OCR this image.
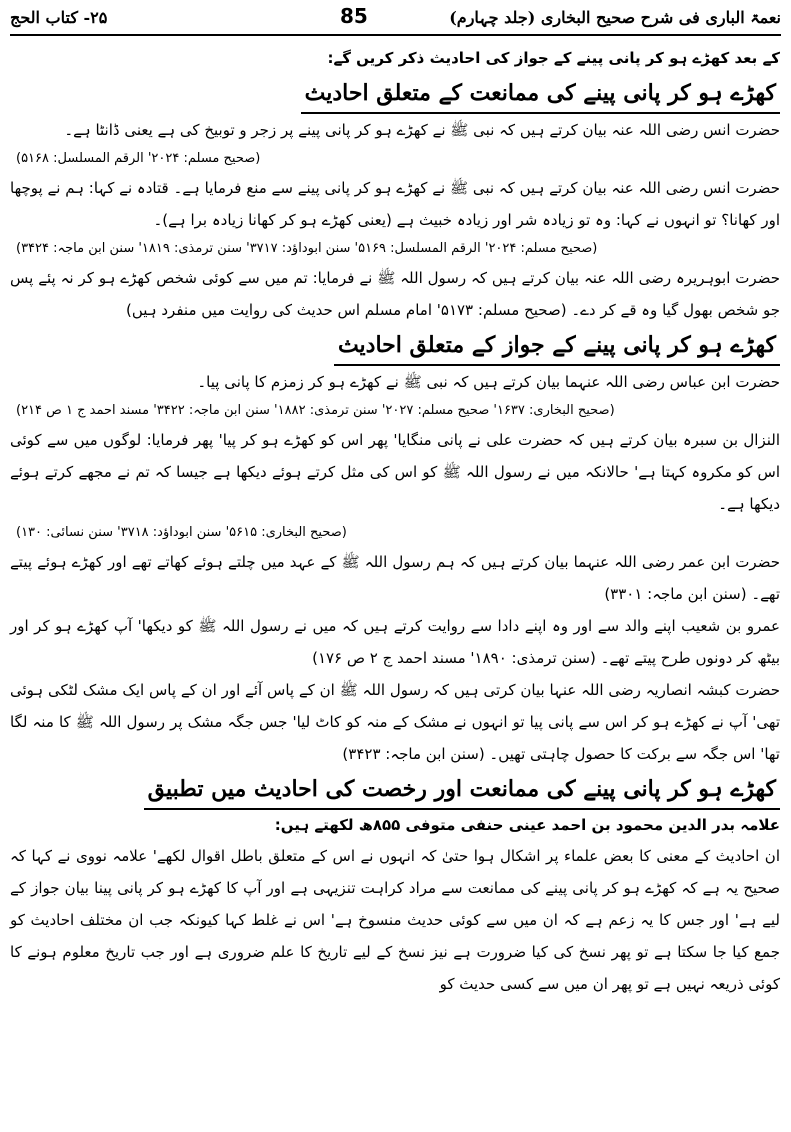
نعمۃ الباری فی شرح صحیح البخاری (جلد چہارم)
85
۲۵- کتاب الحج

کے بعد کھڑے ہو کر پانی پینے کے جواز کی احادیث ذکر کریں گے:

کھڑے ہو کر پانی پینے کی ممانعت کے متعلق احادیث

حضرت انس رضی اللہ عنہ بیان کرتے ہیں کہ نبی ﷺ نے کھڑے ہو کر پانی پینے پر زجر و توبیخ کی ہے یعنی ڈانٹا ہے۔

(صحیح مسلم: ۲۰۲۴' الرقم المسلسل: ۵۱۶۸)

حضرت انس رضی اللہ عنہ بیان کرتے ہیں کہ نبی ﷺ نے کھڑے ہو کر پانی پینے سے منع فرمایا ہے۔ قتادہ نے کہا: ہم نے پوچھا اور کھانا؟ تو انہوں نے کہا: وہ تو زیادہ شر اور زیادہ خبیث ہے (یعنی کھڑے ہو کر کھانا زیادہ برا ہے)۔

(صحیح مسلم: ۲۰۲۴' الرقم المسلسل: ۵۱۶۹' سنن ابوداؤد: ۳۷۱۷' سنن ترمذی: ۱۸۱۹' سنن ابن ماجہ: ۳۴۲۴)

حضرت ابوہریرہ رضی اللہ عنہ بیان کرتے ہیں کہ رسول اللہ ﷺ نے فرمایا: تم میں سے کوئی شخص کھڑے ہو کر نہ پئے پس جو شخص بھول گیا وہ قے کر دے۔ (صحیح مسلم: ۵۱۷۳' امام مسلم اس حدیث کی روایت میں منفرد ہیں)

کھڑے ہو کر پانی پینے کے جواز کے متعلق احادیث

حضرت ابن عباس رضی اللہ عنہما بیان کرتے ہیں کہ نبی ﷺ نے کھڑے ہو کر زمزم کا پانی پیا۔

(صحیح البخاری: ۱۶۳۷' صحیح مسلم: ۲۰۲۷' سنن ترمذی: ۱۸۸۲' سنن ابن ماجہ: ۳۴۲۲' مسند احمد ج ۱ ص ۲۱۴)

النزال بن سبرہ بیان کرتے ہیں کہ حضرت علی نے پانی منگایا' پھر اس کو کھڑے ہو کر پیا' پھر فرمایا: لوگوں میں سے کوئی اس کو مکروہ کہتا ہے' حالانکہ میں نے رسول اللہ ﷺ کو اس کی مثل کرتے ہوئے دیکھا ہے جیسا کہ تم نے مجھے کرتے ہوئے دیکھا ہے۔

(صحیح البخاری: ۵۶۱۵' سنن ابوداؤد: ۳۷۱۸' سنن نسائی: ۱۳۰)

حضرت ابن عمر رضی اللہ عنہما بیان کرتے ہیں کہ ہم رسول اللہ ﷺ کے عہد میں چلتے ہوئے کھاتے تھے اور کھڑے ہوئے پیتے تھے۔ (سنن ابن ماجہ: ۳۳۰۱)

عمرو بن شعیب اپنے والد سے اور وہ اپنے دادا سے روایت کرتے ہیں کہ میں نے رسول اللہ ﷺ کو دیکھا' آپ کھڑے ہو کر اور بیٹھ کر دونوں طرح پیتے تھے۔ (سنن ترمذی: ۱۸۹۰' مسند احمد ج ۲ ص ۱۷۶)

حضرت کبشہ انصاریہ رضی اللہ عنہا بیان کرتی ہیں کہ رسول اللہ ﷺ ان کے پاس آئے اور ان کے پاس ایک مشک لٹکی ہوئی تھی' آپ نے کھڑے ہو کر اس سے پانی پیا تو انہوں نے مشک کے منہ کو کاٹ لیا' جس جگہ مشک پر رسول اللہ ﷺ کا منہ لگا تھا' اس جگہ سے برکت کا حصول چاہتی تھیں۔ (سنن ابن ماجہ: ۳۴۲۳)

کھڑے ہو کر پانی پینے کی ممانعت اور رخصت کی احادیث میں تطبیق

علامہ بدر الدین محمود بن احمد عینی حنفی متوفی ۸۵۵ھ لکھتے ہیں:

ان احادیث کے معنی کا بعض علماء پر اشکال ہوا حتیٰ کہ انہوں نے اس کے متعلق باطل اقوال لکھے' علامہ نووی نے کہا کہ صحیح یہ ہے کہ کھڑے ہو کر پانی پینے کی ممانعت سے مراد کراہت تنزیہی ہے اور آپ کا کھڑے ہو کر پانی پینا بیان جواز کے لیے ہے' اور جس کا یہ زعم ہے کہ ان میں سے کوئی حدیث منسوخ ہے' اس نے غلط کہا کیونکہ جب ان مختلف احادیث کو جمع کیا جا سکتا ہے تو پھر نسخ کی کیا ضرورت ہے نیز نسخ کے لیے تاریخ کا علم ضروری ہے اور جب تاریخ معلوم ہونے کا کوئی ذریعہ نہیں ہے تو پھر ان میں سے کسی حدیث کو
